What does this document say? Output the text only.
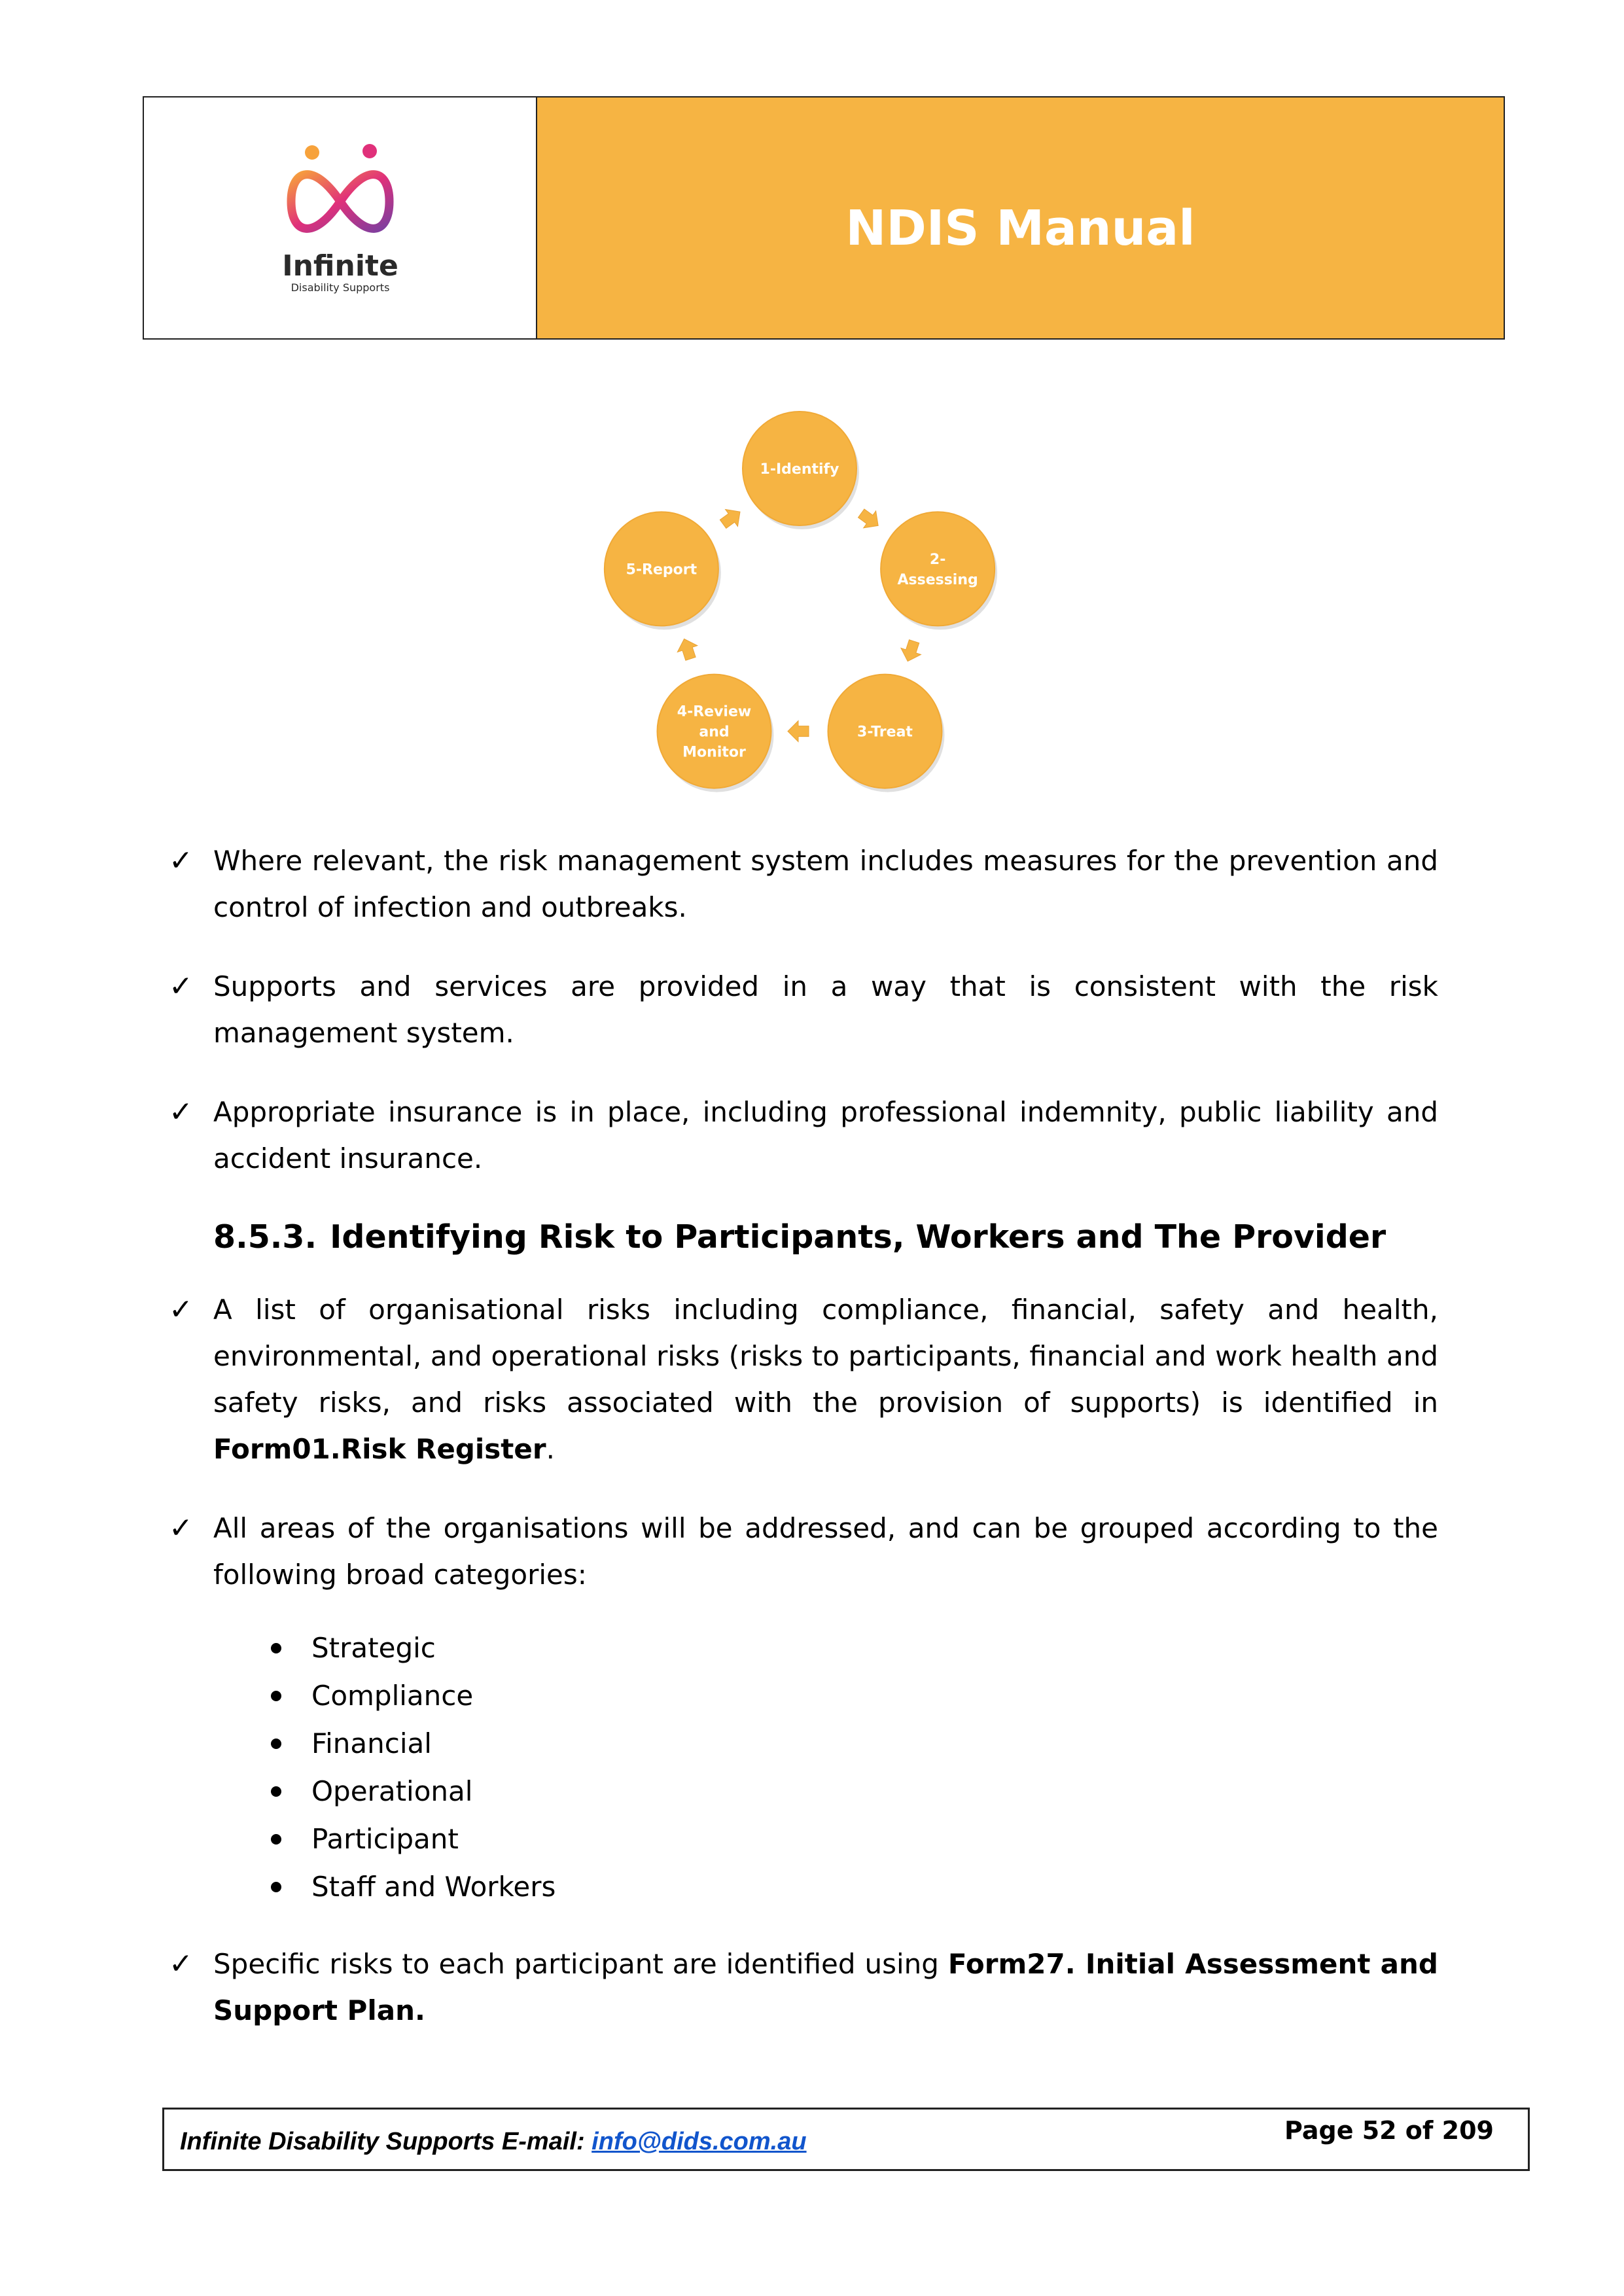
Infinite
Disability Supports
NDIS Manual
1-Identify
2-Assessing
3-Treat
4-Review and Monitor
5-Report
✓ Where relevant, the risk management system includes measures for the prevention and control of infection and outbreaks.
✓ Supports and services are provided in a way that is consistent with the risk management system.
✓ Appropriate insurance is in place, including professional indemnity, public liability and accident insurance.
8.5.3. Identifying Risk to Participants, Workers and The Provider
✓ A list of organisational risks including compliance, financial, safety and health, environmental, and operational risks (risks to participants, financial and work health and safety risks, and risks associated with the provision of supports) is identified in Form01.Risk Register.
✓ All areas of the organisations will be addressed, and can be grouped according to the following broad categories:
Strategic
Compliance
Financial
Operational
Participant
Staff and Workers
✓ Specific risks to each participant are identified using Form27. Initial Assessment and Support Plan.
Infinite Disability Supports E-mail: info@dids.com.au	Page 52 of 209
